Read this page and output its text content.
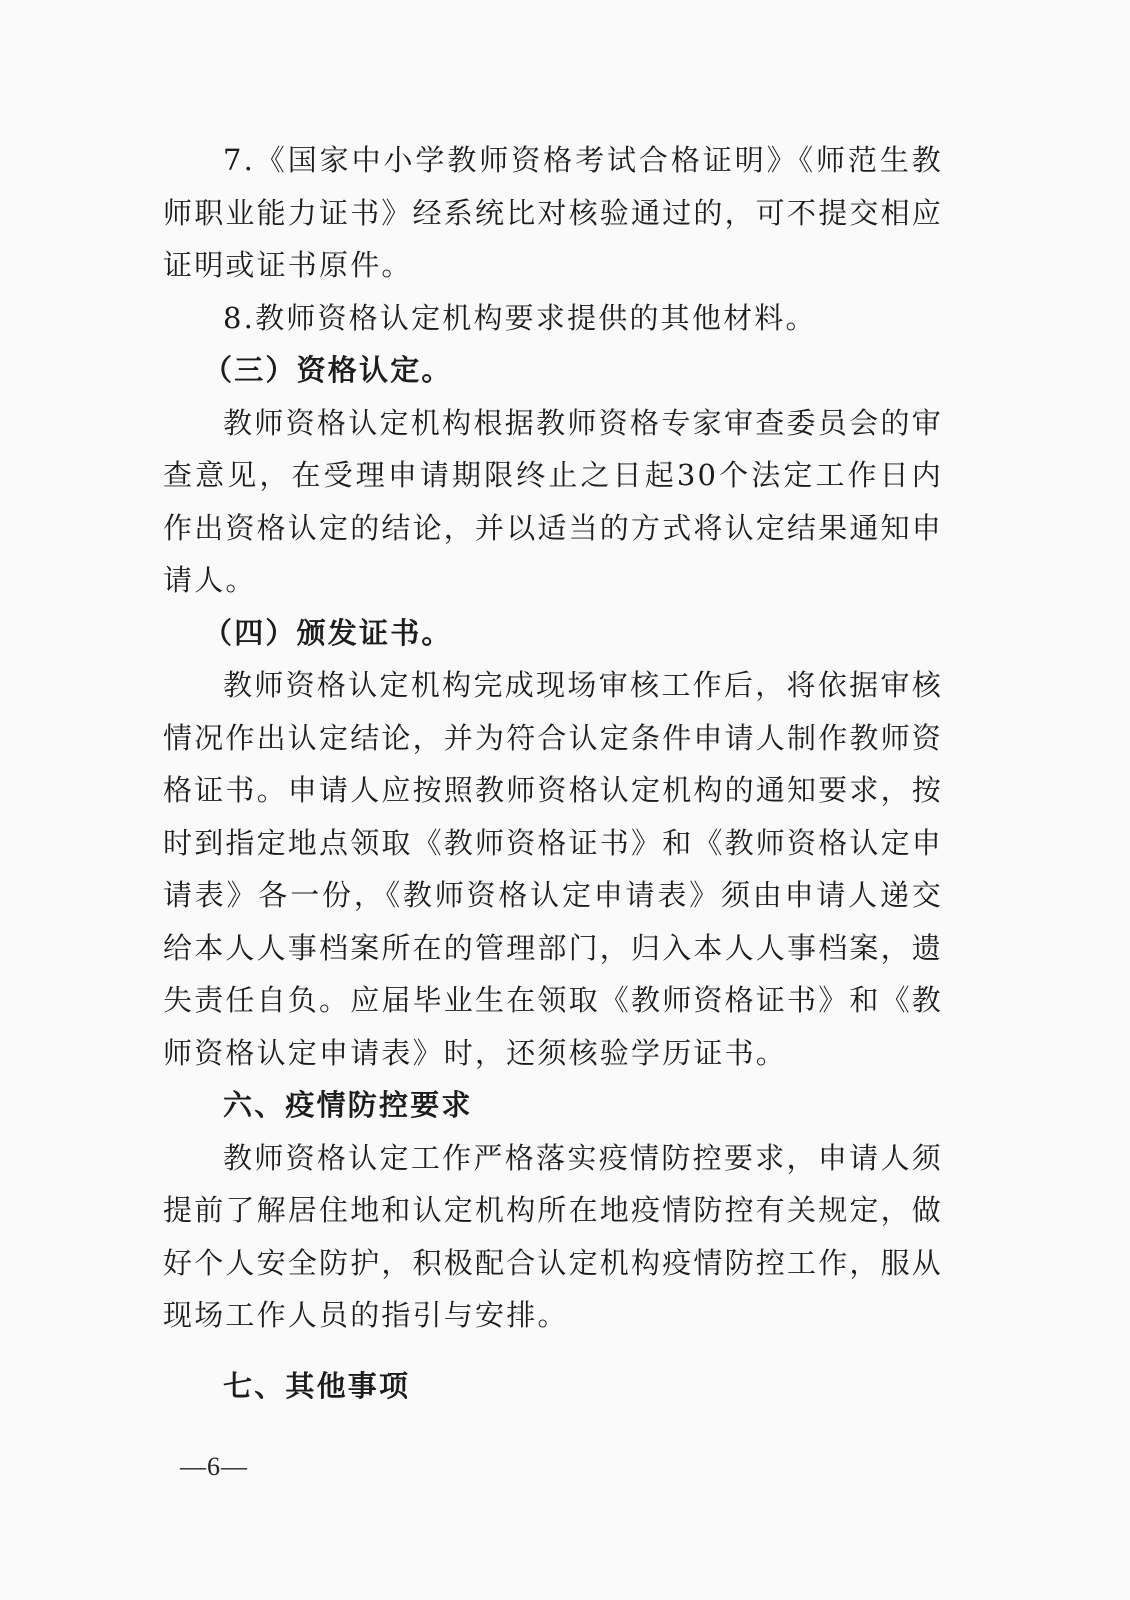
7.《国家中小学教师资格考试合格证明》《师范生教师职业能力证书》经系统比对核验通过的，可不提交相应证明或证书原件。

8.教师资格认定机构要求提供的其他材料。

（三）资格认定。

教师资格认定机构根据教师资格专家审查委员会的审查意见，在受理申请期限终止之日起30个法定工作日内作出资格认定的结论，并以适当的方式将认定结果通知申请人。

（四）颁发证书。

教师资格认定机构完成现场审核工作后，将依据审核情况作出认定结论，并为符合认定条件申请人制作教师资格证书。申请人应按照教师资格认定机构的通知要求，按时到指定地点领取《教师资格证书》和《教师资格认定申请表》各一份，《教师资格认定申请表》须由申请人递交给本人人事档案所在的管理部门，归入本人人事档案，遗失责任自负。应届毕业生在领取《教师资格证书》和《教师资格认定申请表》时，还须核验学历证书。

六、疫情防控要求

教师资格认定工作严格落实疫情防控要求，申请人须提前了解居住地和认定机构所在地疫情防控有关规定，做好个人安全防护，积极配合认定机构疫情防控工作，服从现场工作人员的指引与安排。

七、其他事项

—6—
